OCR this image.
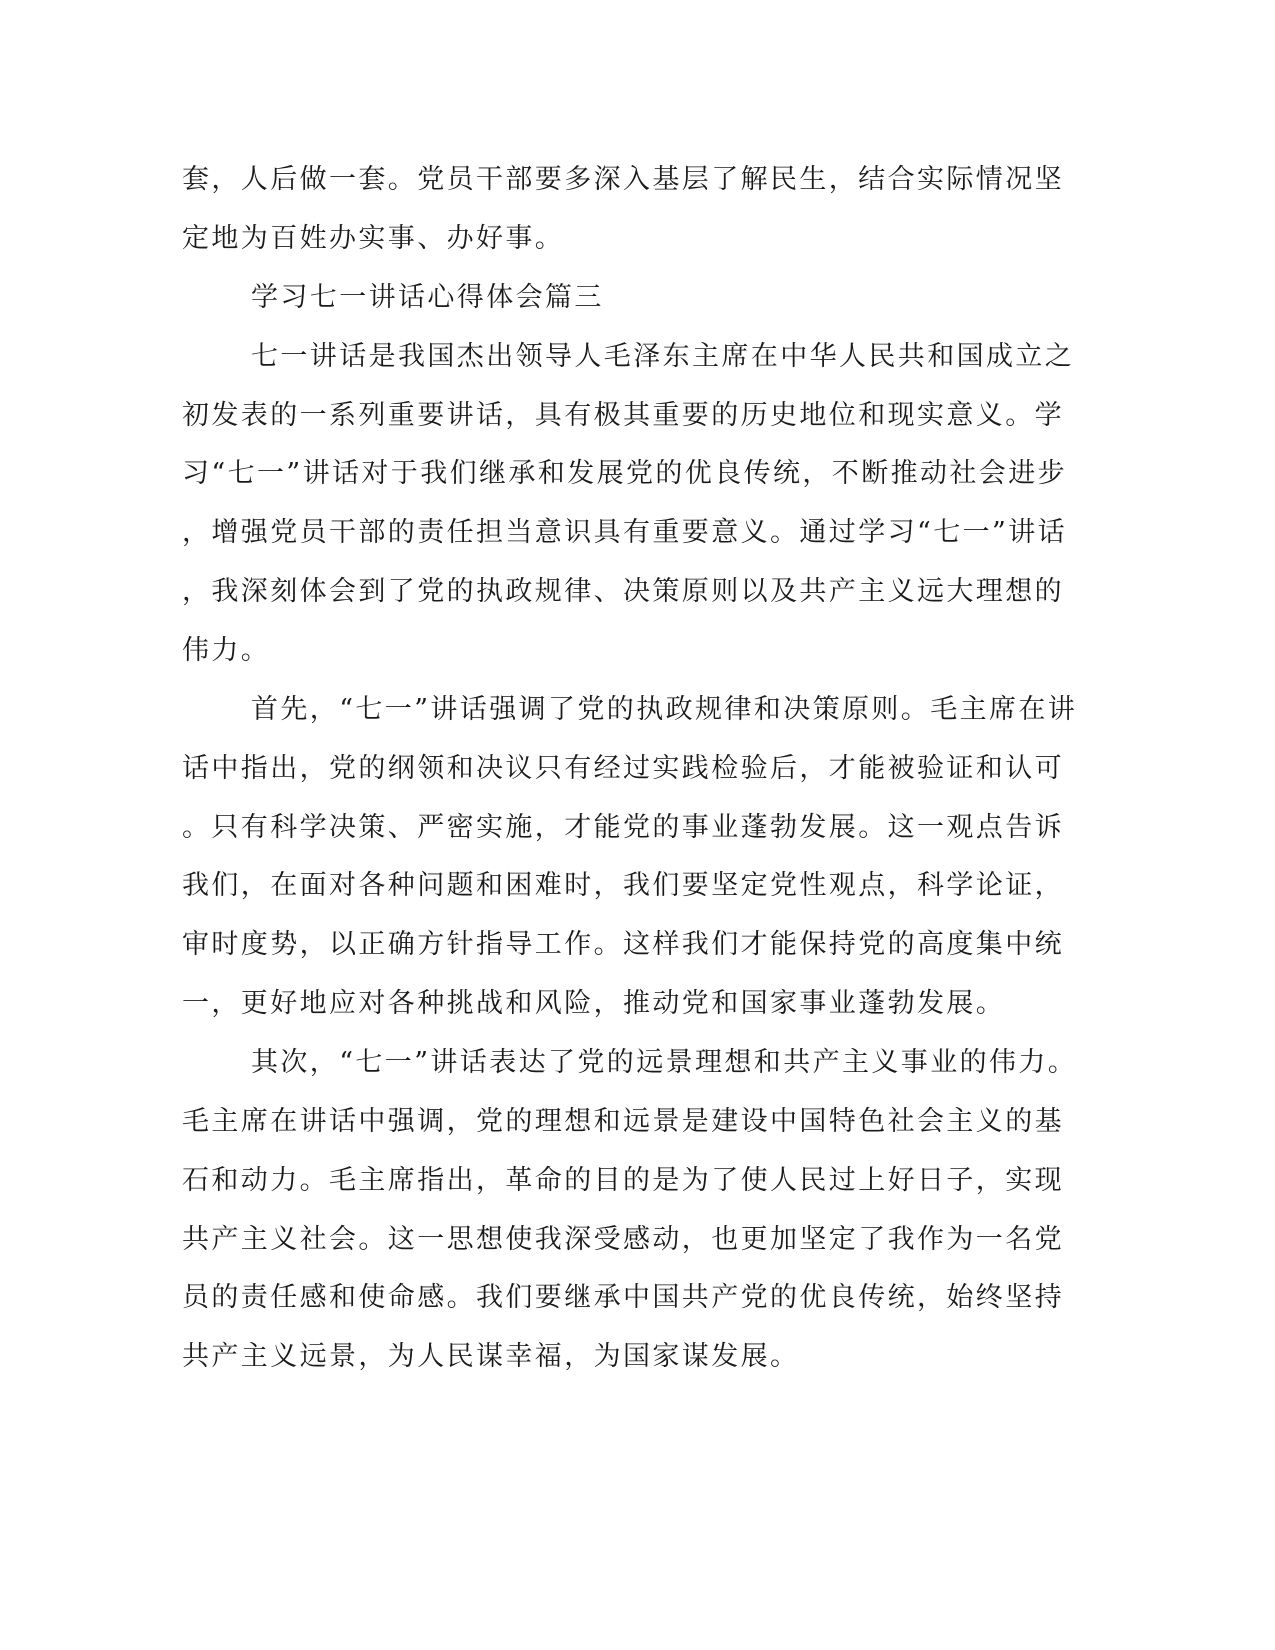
套，人后做一套。党员干部要多深入基层了解民生，结合实际情况坚
定地为百姓办实事、办好事。
学习七一讲话心得体会篇三
七一讲话是我国杰出领导人毛泽东主席在中华人民共和国成立之
初发表的一系列重要讲话，具有极其重要的历史地位和现实意义。学
习“七一”讲话对于我们继承和发展党的优良传统，不断推动社会进步
，增强党员干部的责任担当意识具有重要意义。通过学习“七一”讲话
，我深刻体会到了党的执政规律、决策原则以及共产主义远大理想的
伟力。
首先，“七一”讲话强调了党的执政规律和决策原则。毛主席在讲
话中指出，党的纲领和决议只有经过实践检验后，才能被验证和认可
。只有科学决策、严密实施，才能党的事业蓬勃发展。这一观点告诉
我们，在面对各种问题和困难时，我们要坚定党性观点，科学论证，
审时度势，以正确方针指导工作。这样我们才能保持党的高度集中统
一，更好地应对各种挑战和风险，推动党和国家事业蓬勃发展。
其次，“七一”讲话表达了党的远景理想和共产主义事业的伟力。
毛主席在讲话中强调，党的理想和远景是建设中国特色社会主义的基
石和动力。毛主席指出，革命的目的是为了使人民过上好日子，实现
共产主义社会。这一思想使我深受感动，也更加坚定了我作为一名党
员的责任感和使命感。我们要继承中国共产党的优良传统，始终坚持
共产主义远景，为人民谋幸福，为国家谋发展。
